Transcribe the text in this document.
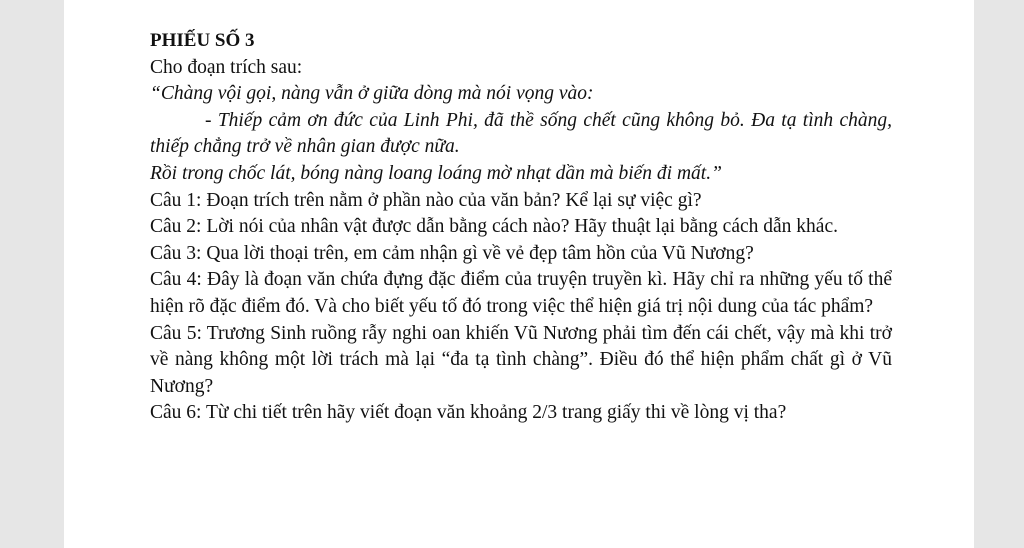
PHIẾU SỐ 3

Cho đoạn trích sau:

“Chàng vội gọi, nàng vẫn ở giữa dòng mà nói vọng vào:

- Thiếp cảm ơn đức của Linh Phi, đã thề sống chết cũng không bỏ. Đa tạ tình chàng, thiếp chẳng trở về nhân gian được nữa.

Rồi trong chốc lát, bóng nàng loang loáng mờ nhạt dần mà biến đi mất.”

Câu 1: Đoạn trích trên nằm ở phần nào của văn bản? Kể lại sự việc gì?

Câu 2: Lời nói của nhân vật được dẫn bằng cách nào? Hãy thuật lại bằng cách dẫn khác.

Câu 3: Qua lời thoại trên, em cảm nhận gì về vẻ đẹp tâm hồn của Vũ Nương?

Câu 4: Đây là đoạn văn chứa đựng đặc điểm của truyện truyền kì. Hãy chỉ ra những yếu tố thể hiện rõ đặc điểm đó. Và cho biết yếu tố đó trong việc thể hiện giá trị nội dung của tác phẩm?

Câu 5: Trương Sinh ruồng rẫy nghi oan khiến Vũ Nương phải tìm đến cái chết, vậy mà khi trở về nàng không một lời trách mà lại “đa tạ tình chàng”. Điều đó thể hiện phẩm chất gì ở Vũ Nương?

Câu 6: Từ chi tiết trên hãy viết đoạn văn khoảng 2/3 trang giấy thi về lòng vị tha?
